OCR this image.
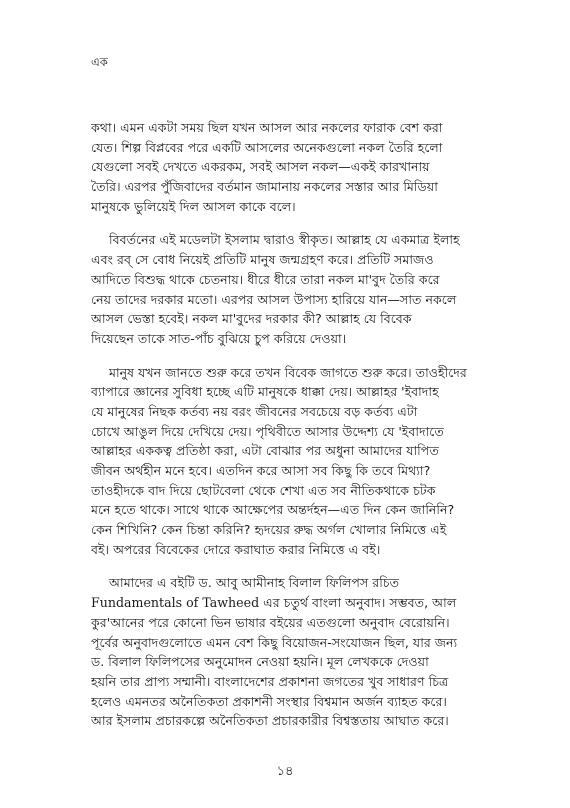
এক

কথা। এমন একটা সময় ছিল যখন আসল আর নকলের ফারাক বেশ করা
যেত। শিল্প বিপ্লবের পরে একটি আসলের অনেকগুলো নকল তৈরি হলো
যেগুলো সবই দেখতে একরকম, সবই আসল নকল—একই কারখানায়
তৈরি। এরপর পুঁজিবাদের বর্তমান জামানায় নকলের সস্তার আর মিডিয়া
মানুষকে ভুলিয়েই দিল আসল কাকে বলে।

বিবর্তনের এই মডেলটা ইসলাম দ্বারাও স্বীকৃত। আল্লাহ যে একমাত্র ইলাহ
এবং রব্ সে বোধ নিয়েই প্রতিটি মানুষ জন্মগ্রহণ করে। প্রতিটি সমাজও
আদিতে বিশুদ্ধ থাকে চেতনায়। ধীরে ধীরে তারা নকল মা'বুদ তৈরি করে
নেয় তাদের দরকার মতো। এরপর আসল উপাস্য হারিয়ে যান—সাত নকলে
আসল ভেস্তা হবেই। নকল মা'বুদের দরকার কী? আল্লাহ যে বিবেক
দিয়েছেন তাকে সাত-পাঁচ বুঝিয়ে চুপ করিয়ে দেওয়া।

মানুষ যখন জানতে শুরু করে তখন বিবেক জাগতে শুরু করে। তাওহীদের
ব্যাপারে জ্ঞানের সুবিধা হচ্ছে এটি মানুষকে ধাক্কা দেয়। আল্লাহর 'ইবাদাহ
যে মানুষের নিছক কর্তব্য নয় বরং জীবনের সবচেয়ে বড় কর্তব্য এটা
চোখে আঙুল দিয়ে দেখিয়ে দেয়। পৃথিবীতে আসার উদ্দেশ্য যে 'ইবাদাতে
আল্লাহর এককত্ব প্রতিষ্ঠা করা, এটা বোঝার পর অধুনা আমাদের যাপিত
জীবন অর্থহীন মনে হবে। এতদিন করে আসা সব কিছু কি তবে মিথ্যা?
তাওহীদকে বাদ দিয়ে ছোটবেলা থেকে শেখা এত সব নীতিকথাকে চটক
মনে হতে থাকে। সাথে থাকে আক্ষেপের অন্তর্দহন—এত দিন কেন জানিনি?
কেন শিখিনি? কেন চিন্তা করিনি? হৃদয়ের রুদ্ধ অর্গল খোলার নিমিত্তে এই
বই। অপরের বিবেকের দোরে করাঘাত করার নিমিত্তে এ বই।

আমাদের এ বইটি ড. আবু আমীনাহ বিলাল ফিলিপস রচিত
Fundamentals of Tawheed এর চতুর্থ বাংলা অনুবাদ। সম্ভবত, আল
কুর'আনের পরে কোনো ভিন ভাষার বইয়ের এতগুলো অনুবাদ বেরোয়নি।
পূর্বের অনুবাদগুলোতে এমন বেশ কিছু বিয়োজন-সংযোজন ছিল, যার জন্য
ড. বিলাল ফিলিপসের অনুমোদন নেওয়া হয়নি। মূল লেখককে দেওয়া
হয়নি তার প্রাপ্য সম্মানী। বাংলাদেশের প্রকাশনা জগতের খুব সাধারণ চিত্র
হলেও এমনতর অনৈতিকতা প্রকাশনী সংস্থার বিশ্বমান অর্জন ব্যাহত করে।
আর ইসলাম প্রচারকল্পে অনৈতিকতা প্রচারকারীর বিশ্বস্ততায় আঘাত করে।

১৪
